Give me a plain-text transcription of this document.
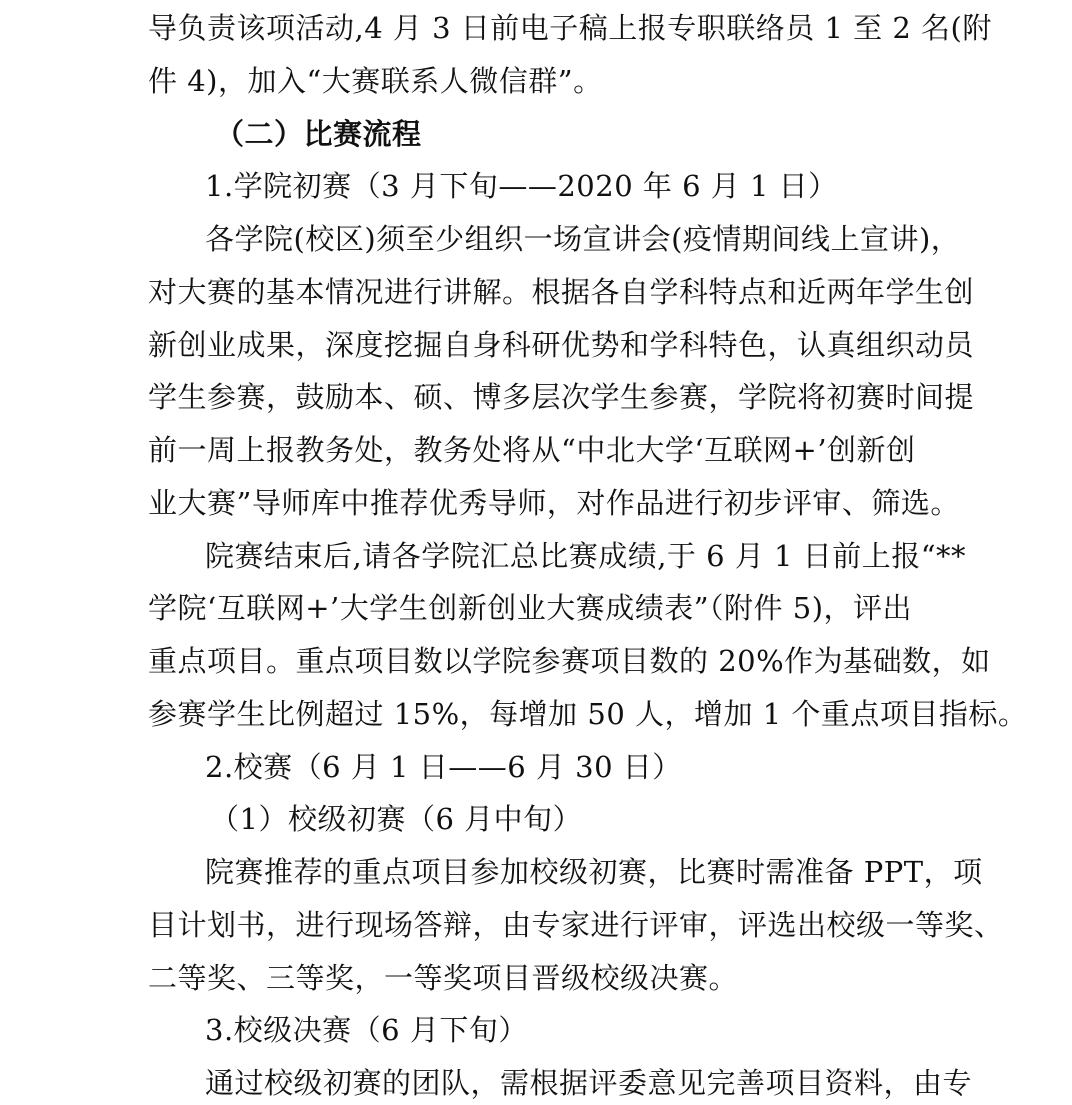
导负责该项活动,4 月 3 日前电子稿上报专职联络员 1 至 2 名(附
件 4)，加入“大赛联系人微信群”。
（二）比赛流程
1.学院初赛（3 月下旬——2020 年 6 月 1 日）
各学院(校区)须至少组织一场宣讲会(疫情期间线上宣讲)，
对大赛的基本情况进行讲解。根据各自学科特点和近两年学生创
新创业成果，深度挖掘自身科研优势和学科特色，认真组织动员
学生参赛，鼓励本、硕、博多层次学生参赛，学院将初赛时间提
前一周上报教务处，教务处将从“中北大学‘互联网+’创新创
业大赛”导师库中推荐优秀导师，对作品进行初步评审、筛选。
院赛结束后,请各学院汇总比赛成绩,于 6 月 1 日前上报“**
学院‘互联网+’大学生创新创业大赛成绩表”（附件 5)，评出
重点项目。重点项目数以学院参赛项目数的 20%作为基础数，如
参赛学生比例超过 15%，每增加 50 人，增加 1 个重点项目指标。
2.校赛（6 月 1 日——6 月 30 日）
（1）校级初赛（6 月中旬）
院赛推荐的重点项目参加校级初赛，比赛时需准备 PPT，项
目计划书，进行现场答辩，由专家进行评审，评选出校级一等奖、
二等奖、三等奖，一等奖项目晋级校级决赛。
3.校级决赛（6 月下旬）
通过校级初赛的团队，需根据评委意见完善项目资料，由专
